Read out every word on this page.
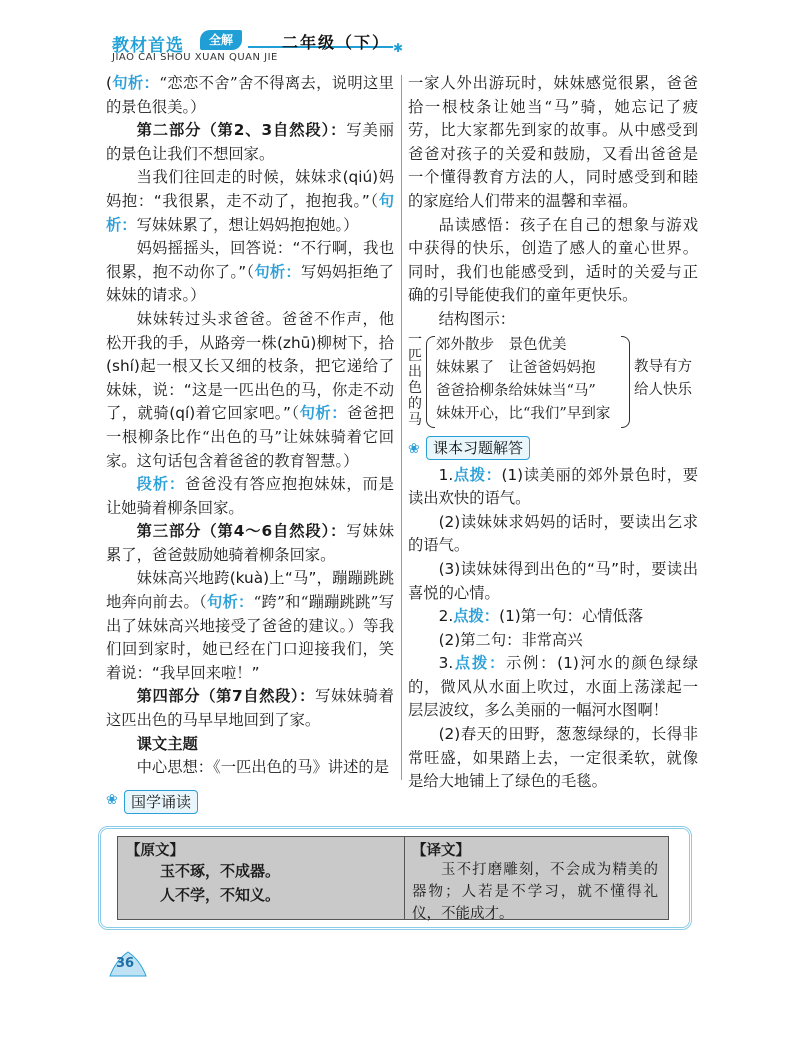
教材首选	全解
✱
二年级（下）
JIAO CAI SHOU XUAN QUAN JIE

(句析：“恋恋不舍”舍不得离去，说明这里的景色很美。）

第二部分（第2、3自然段）：写美丽的景色让我们不想回家。

当我们往回走的时候，妹妹求(qiú)妈妈抱：“我很累，走不动了，抱抱我。”（句析：写妹妹累了，想让妈妈抱抱她。）

妈妈摇摇头，回答说：“不行啊，我也很累，抱不动你了。”（句析：写妈妈拒绝了妹妹的请求。）

妹妹转过头求爸爸。爸爸不作声，他松开我的手，从路旁一株(zhū)柳树下，拾(shí)起一根又长又细的枝条，把它递给了妹妹，说：“这是一匹出色的马，你走不动了，就骑(qí)着它回家吧。”（句析：爸爸把一根柳条比作“出色的马”让妹妹骑着它回家。这句话包含着爸爸的教育智慧。）

段析：爸爸没有答应抱抱妹妹，而是让她骑着柳条回家。

第三部分（第4～6自然段）：写妹妹累了，爸爸鼓励她骑着柳条回家。

妹妹高兴地跨(kuà)上“马”，蹦蹦跳跳地奔向前去。（句析：“跨”和“蹦蹦跳跳”写出了妹妹高兴地接受了爸爸的建议。）等我们回到家时，她已经在门口迎接我们，笑着说：“我早回来啦！”

第四部分（第7自然段）：写妹妹骑着这匹出色的马早早地回到了家。

课文主题

中心思想：《一匹出色的马》讲述的是

一家人外出游玩时，妹妹感觉很累，爸爸拾一根枝条让她当“马”骑，她忘记了疲劳，比大家都先到家的故事。从中感受到爸爸对孩子的关爱和鼓励，又看出爸爸是一个懂得教育方法的人，同时感受到和睦的家庭给人们带来的温馨和幸福。

品读感悟：孩子在自己的想象与游戏中获得的快乐，创造了感人的童心世界。同时，我们也能感受到，适时的关爱与正确的引导能使我们的童年更快乐。

结构图示：

一匹出色的马
郊外散步　景色优美
妹妹累了　让爸爸妈妈抱
爸爸拾柳条给妹妹当“马”
妹妹开心，比“我们”早到家
教导有方
给人快乐
❀ 课本习题解答

1.点拨：(1)读美丽的郊外景色时，要读出欢快的语气。

(2)读妹妹求妈妈的话时，要读出乞求的语气。

(3)读妹妹得到出色的“马”时，要读出喜悦的心情。

2.点拨：(1)第一句：心情低落

(2)第二句：非常高兴

3.点拨：示例：(1)河水的颜色绿绿的，微风从水面上吹过，水面上荡漾起一层层波纹，多么美丽的一幅河水图啊！

(2)春天的田野，葱葱绿绿的，长得非常旺盛，如果踏上去，一定很柔软，就像是给大地铺上了绿色的毛毯。

❀ 国学诵读
【原文】
玉不琢，不成器。
人不学，不知义。
【译文】
玉不打磨雕刻，不会成为精美的器物；人若是不学习，就不懂得礼仪，不能成才。
36
